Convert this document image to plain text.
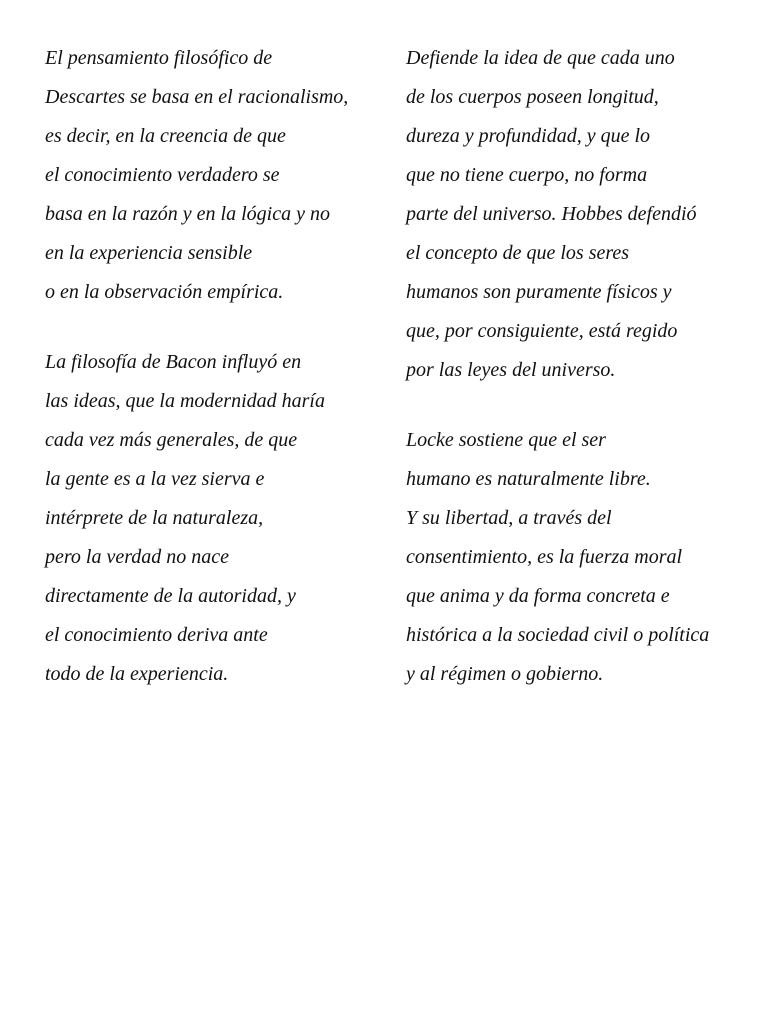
El pensamiento filosófico de
Descartes se basa en el racionalismo,
es decir, en la creencia de que
el conocimiento verdadero se
basa en la razón y en la lógica y no
en la experiencia sensible
o en la observación empírica.
La filosofía de Bacon influyó en
las ideas, que la modernidad haría
cada vez más generales, de que
la gente es a la vez sierva e
intérprete de la naturaleza,
pero la verdad no nace
directamente de la autoridad, y
el conocimiento deriva ante
todo de la experiencia.
Defiende la idea de que cada uno
de los cuerpos poseen longitud,
dureza y profundidad, y que lo
que no tiene cuerpo, no forma
parte del universo. Hobbes defendió
el concepto de que los seres
humanos son puramente físicos y
que, por consiguiente, está regido
por las leyes del universo.
Locke sostiene que el ser
humano es naturalmente libre.
Y su libertad, a través del
consentimiento, es la fuerza moral
que anima y da forma concreta e
histórica a la sociedad civil o política
y al régimen o gobierno.
